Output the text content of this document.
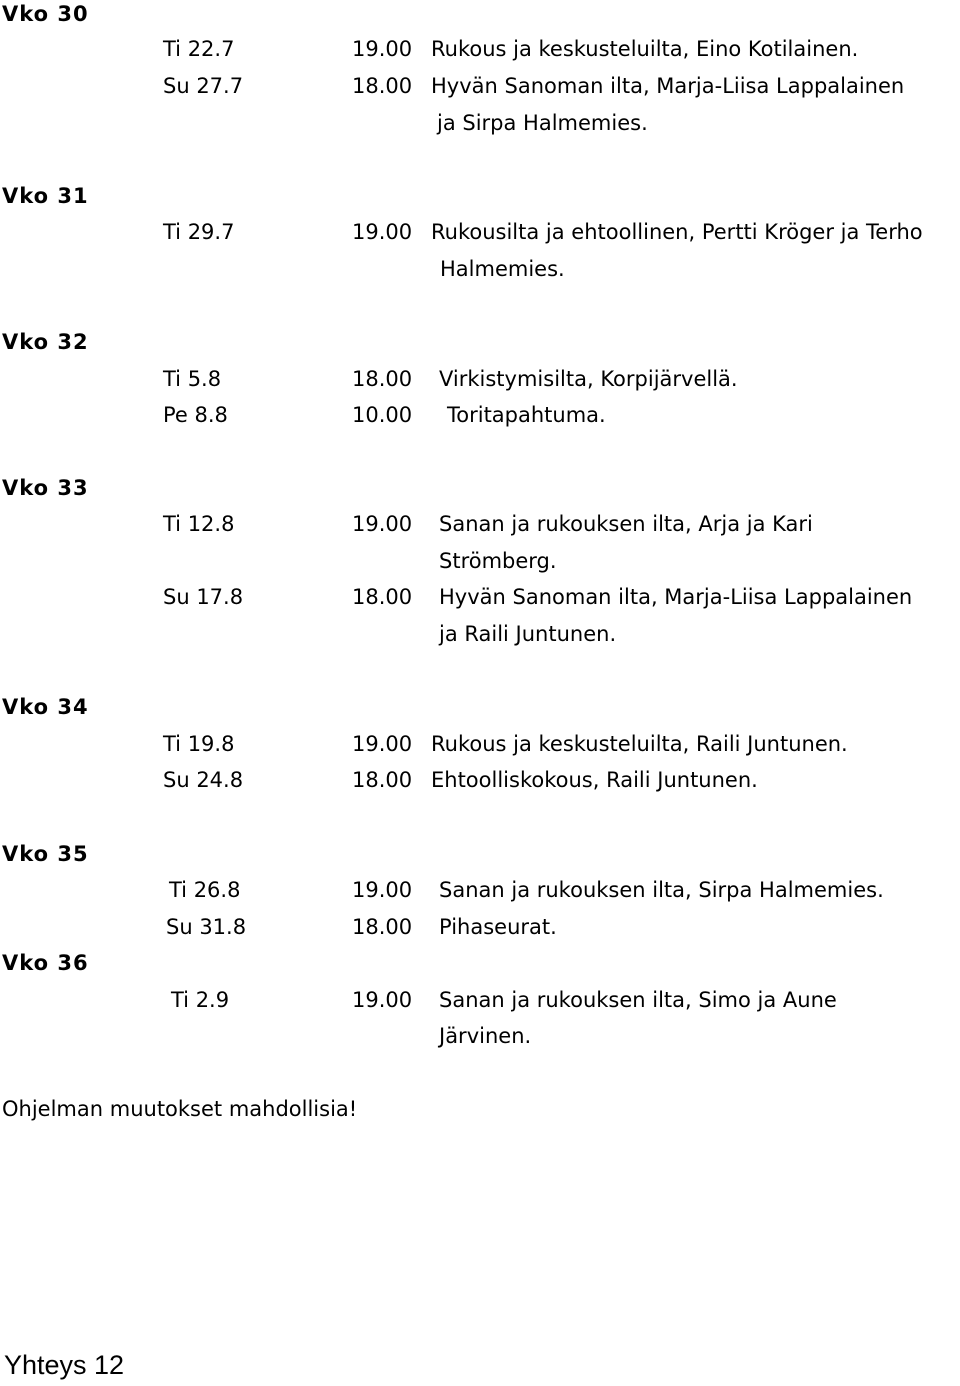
Vko 30
Ti 22.7	19.00 Rukous ja keskusteluilta, Eino Kotilainen.
Su 27.7	18.00 Hyvän Sanoman ilta, Marja-Liisa Lappalainen
ja Sirpa Halmemies.
Vko 31
Ti 29.7	19.00 Rukousilta ja ehtoollinen, Pertti Kröger ja Terho
Halmemies.
Vko 32
Ti 5.8	18.00 Virkistymisilta, Korpijärvellä.
Pe 8.8	10.00 Toritapahtuma.
Vko 33
Ti 12.8	19.00 Sanan ja rukouksen ilta, Arja ja Kari
Strömberg.
Su 17.8	18.00 Hyvän Sanoman ilta, Marja-Liisa Lappalainen
ja Raili Juntunen.
Vko 34
Ti 19.8	19.00 Rukous ja keskusteluilta, Raili Juntunen.
Su 24.8	18.00 Ehtoolliskokous, Raili Juntunen.
Vko 35
Ti 26.8	19.00 Sanan ja rukouksen ilta, Sirpa Halmemies.
Su 31.8	18.00 Pihaseurat.
Vko 36
Ti 2.9	19.00 Sanan ja rukouksen ilta, Simo ja Aune
Järvinen.
Ohjelman muutokset mahdollisia!
Yhteys 12
